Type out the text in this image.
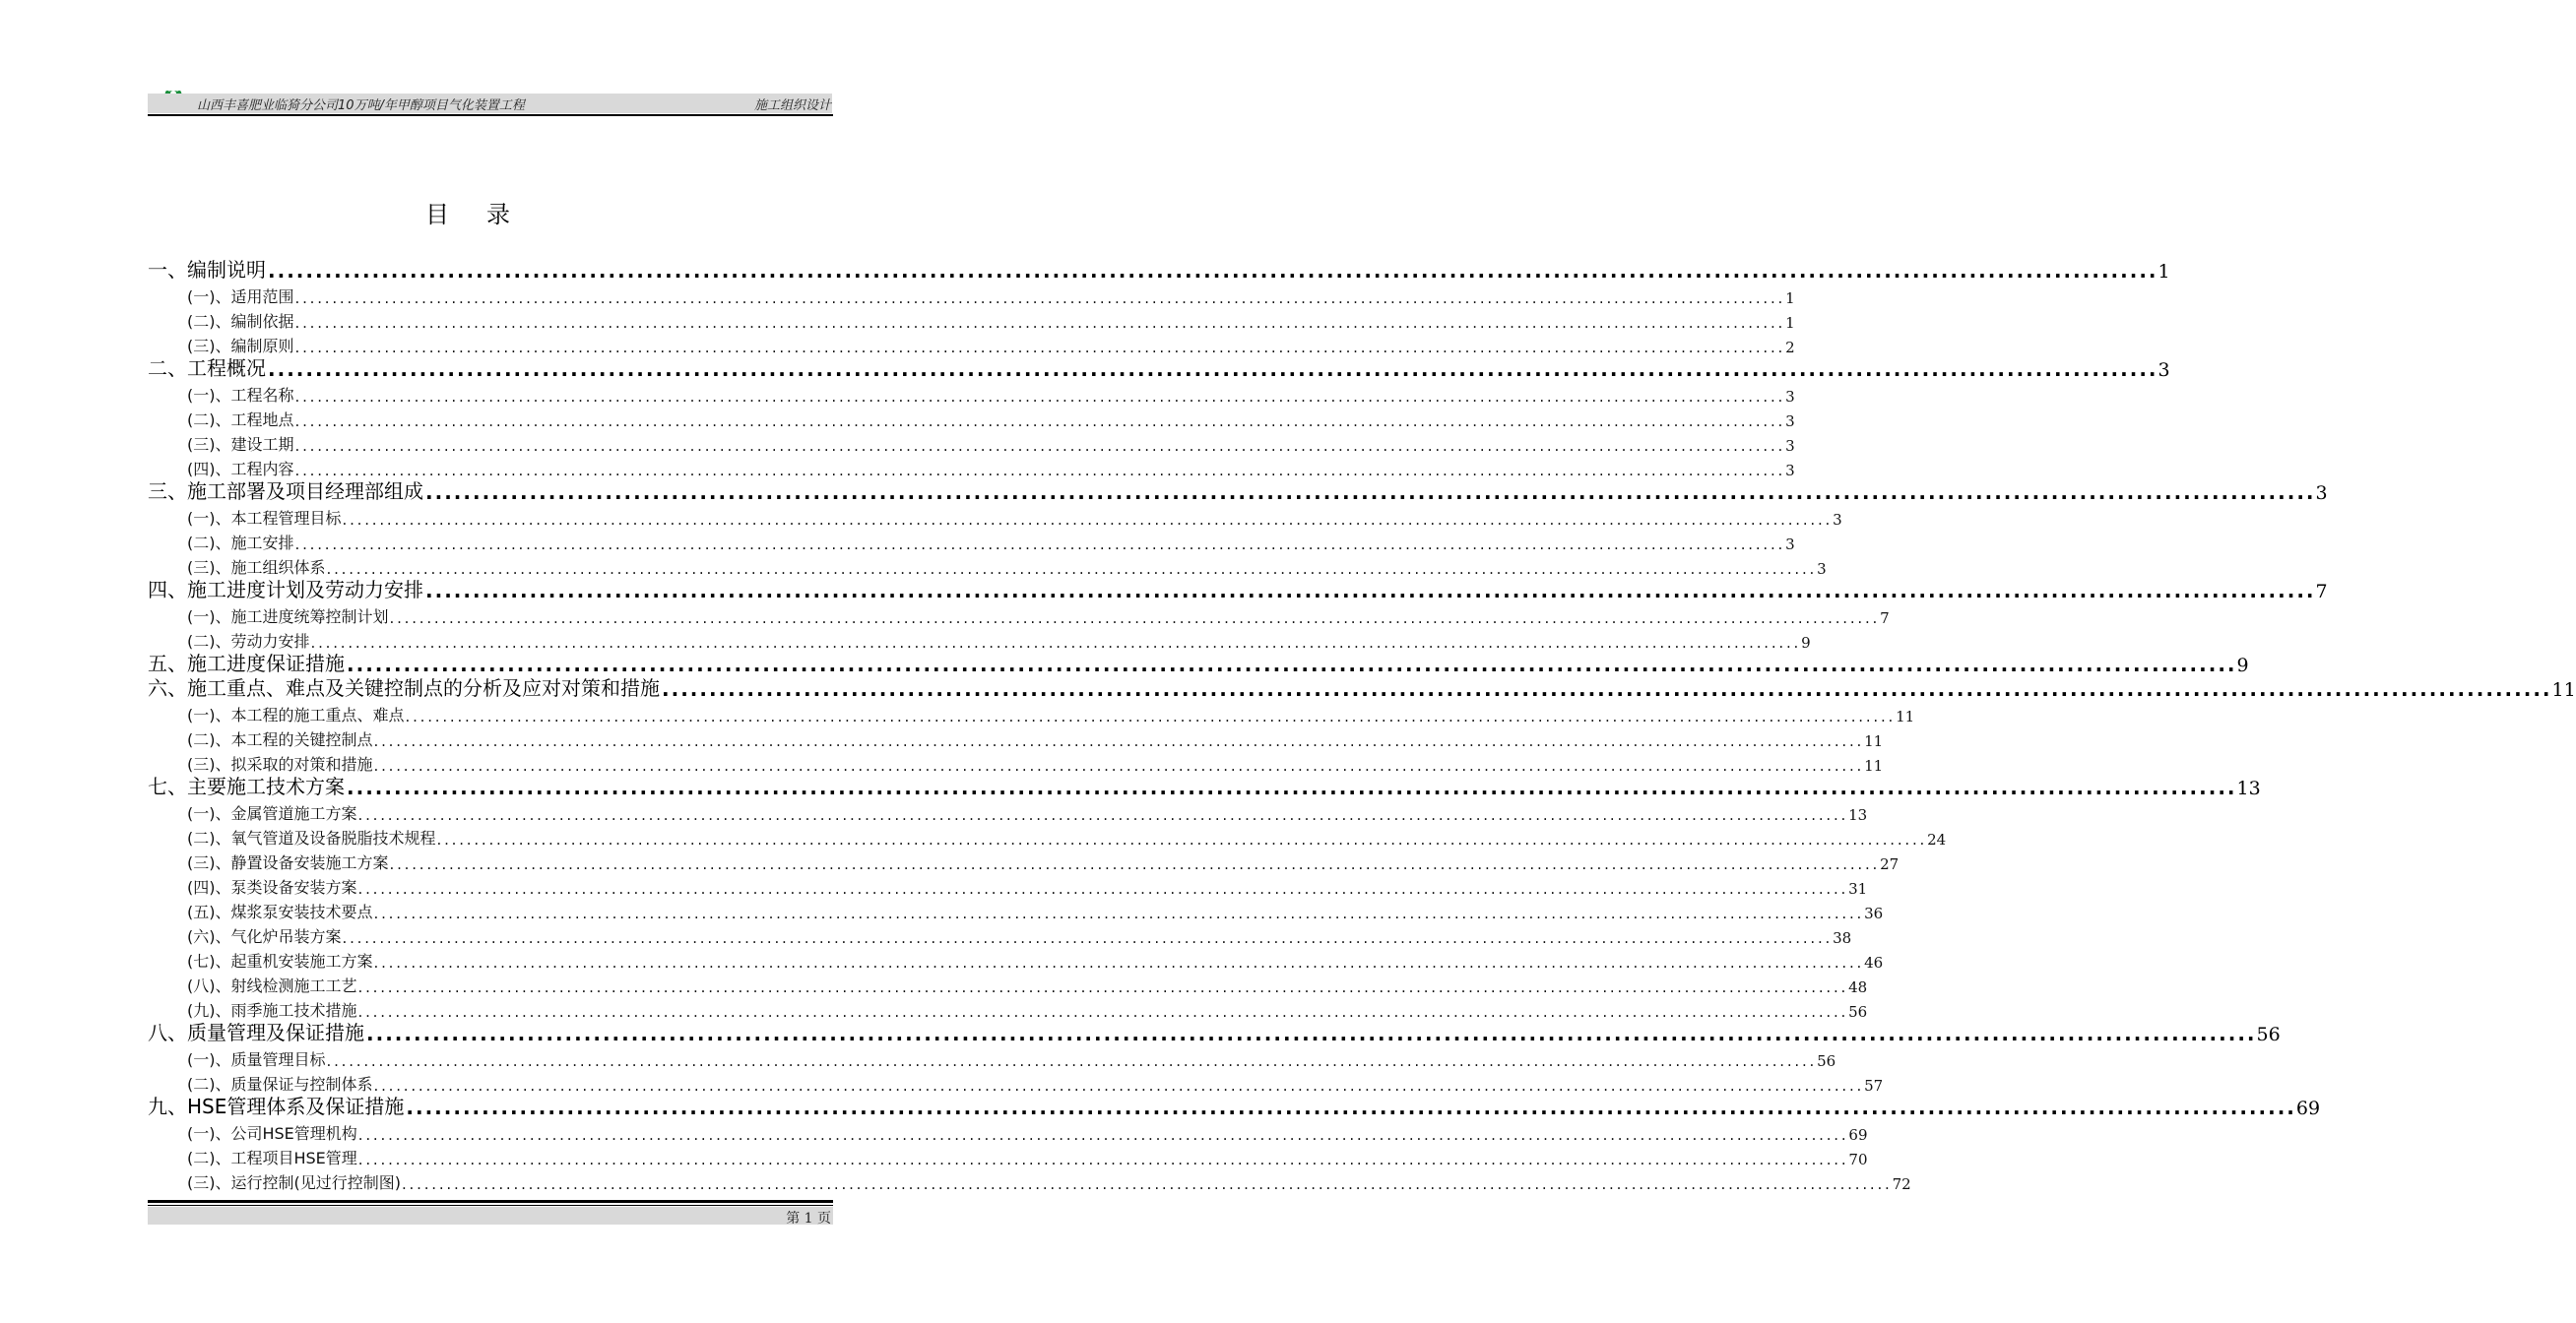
山西丰喜肥业临猗分公司10万吨/年甲醇项目气化装置工程	施工组织设计
目录
一、编制说明 ........................................................................................................................................................................................................ 1
(一)、适用范围 ........................................................................................................................................................................................................ 1
(二)、编制依据 ........................................................................................................................................................................................................ 1
(三)、编制原则 ........................................................................................................................................................................................................ 2
二、工程概况 ........................................................................................................................................................................................................ 3
(一)、工程名称 ........................................................................................................................................................................................................ 3
(二)、工程地点 ........................................................................................................................................................................................................ 3
(三)、建设工期 ........................................................................................................................................................................................................ 3
(四)、工程内容 ........................................................................................................................................................................................................ 3
三、施工部署及项目经理部组成 ........................................................................................................................................................................................................ 3
(一)、本工程管理目标 ........................................................................................................................................................................................................ 3
(二)、施工安排 ........................................................................................................................................................................................................ 3
(三)、施工组织体系 ........................................................................................................................................................................................................ 3
四、施工进度计划及劳动力安排 ........................................................................................................................................................................................................ 7
(一)、施工进度统筹控制计划 ........................................................................................................................................................................................................ 7
(二)、劳动力安排 ........................................................................................................................................................................................................ 9
五、施工进度保证措施 ........................................................................................................................................................................................................ 9
六、施工重点、难点及关键控制点的分析及应对对策和措施 ........................................................................................................................................................................................................ 11
(一)、本工程的施工重点、难点 ........................................................................................................................................................................................................ 11
(二)、本工程的关键控制点 ........................................................................................................................................................................................................ 11
(三)、拟采取的对策和措施 ........................................................................................................................................................................................................ 11
七、主要施工技术方案 ........................................................................................................................................................................................................ 13
(一)、金属管道施工方案 ........................................................................................................................................................................................................ 13
(二)、氧气管道及设备脱脂技术规程 ........................................................................................................................................................................................................ 24
(三)、静置设备安装施工方案 ........................................................................................................................................................................................................ 27
(四)、泵类设备安装方案 ........................................................................................................................................................................................................ 31
(五)、煤浆泵安装技术要点 ........................................................................................................................................................................................................ 36
(六)、气化炉吊装方案 ........................................................................................................................................................................................................ 38
(七)、起重机安装施工方案 ........................................................................................................................................................................................................ 46
(八)、射线检测施工工艺 ........................................................................................................................................................................................................ 48
(九)、雨季施工技术措施 ........................................................................................................................................................................................................ 56
八、质量管理及保证措施 ........................................................................................................................................................................................................ 56
(一)、质量管理目标 ........................................................................................................................................................................................................ 56
(二)、质量保证与控制体系 ........................................................................................................................................................................................................ 57
九、HSE管理体系及保证措施 ........................................................................................................................................................................................................ 69
(一)、公司HSE管理机构 ........................................................................................................................................................................................................ 69
(二)、工程项目HSE管理 ........................................................................................................................................................................................................ 70
(三)、运行控制(见过行控制图) ........................................................................................................................................................................................................ 72
第 1 页
